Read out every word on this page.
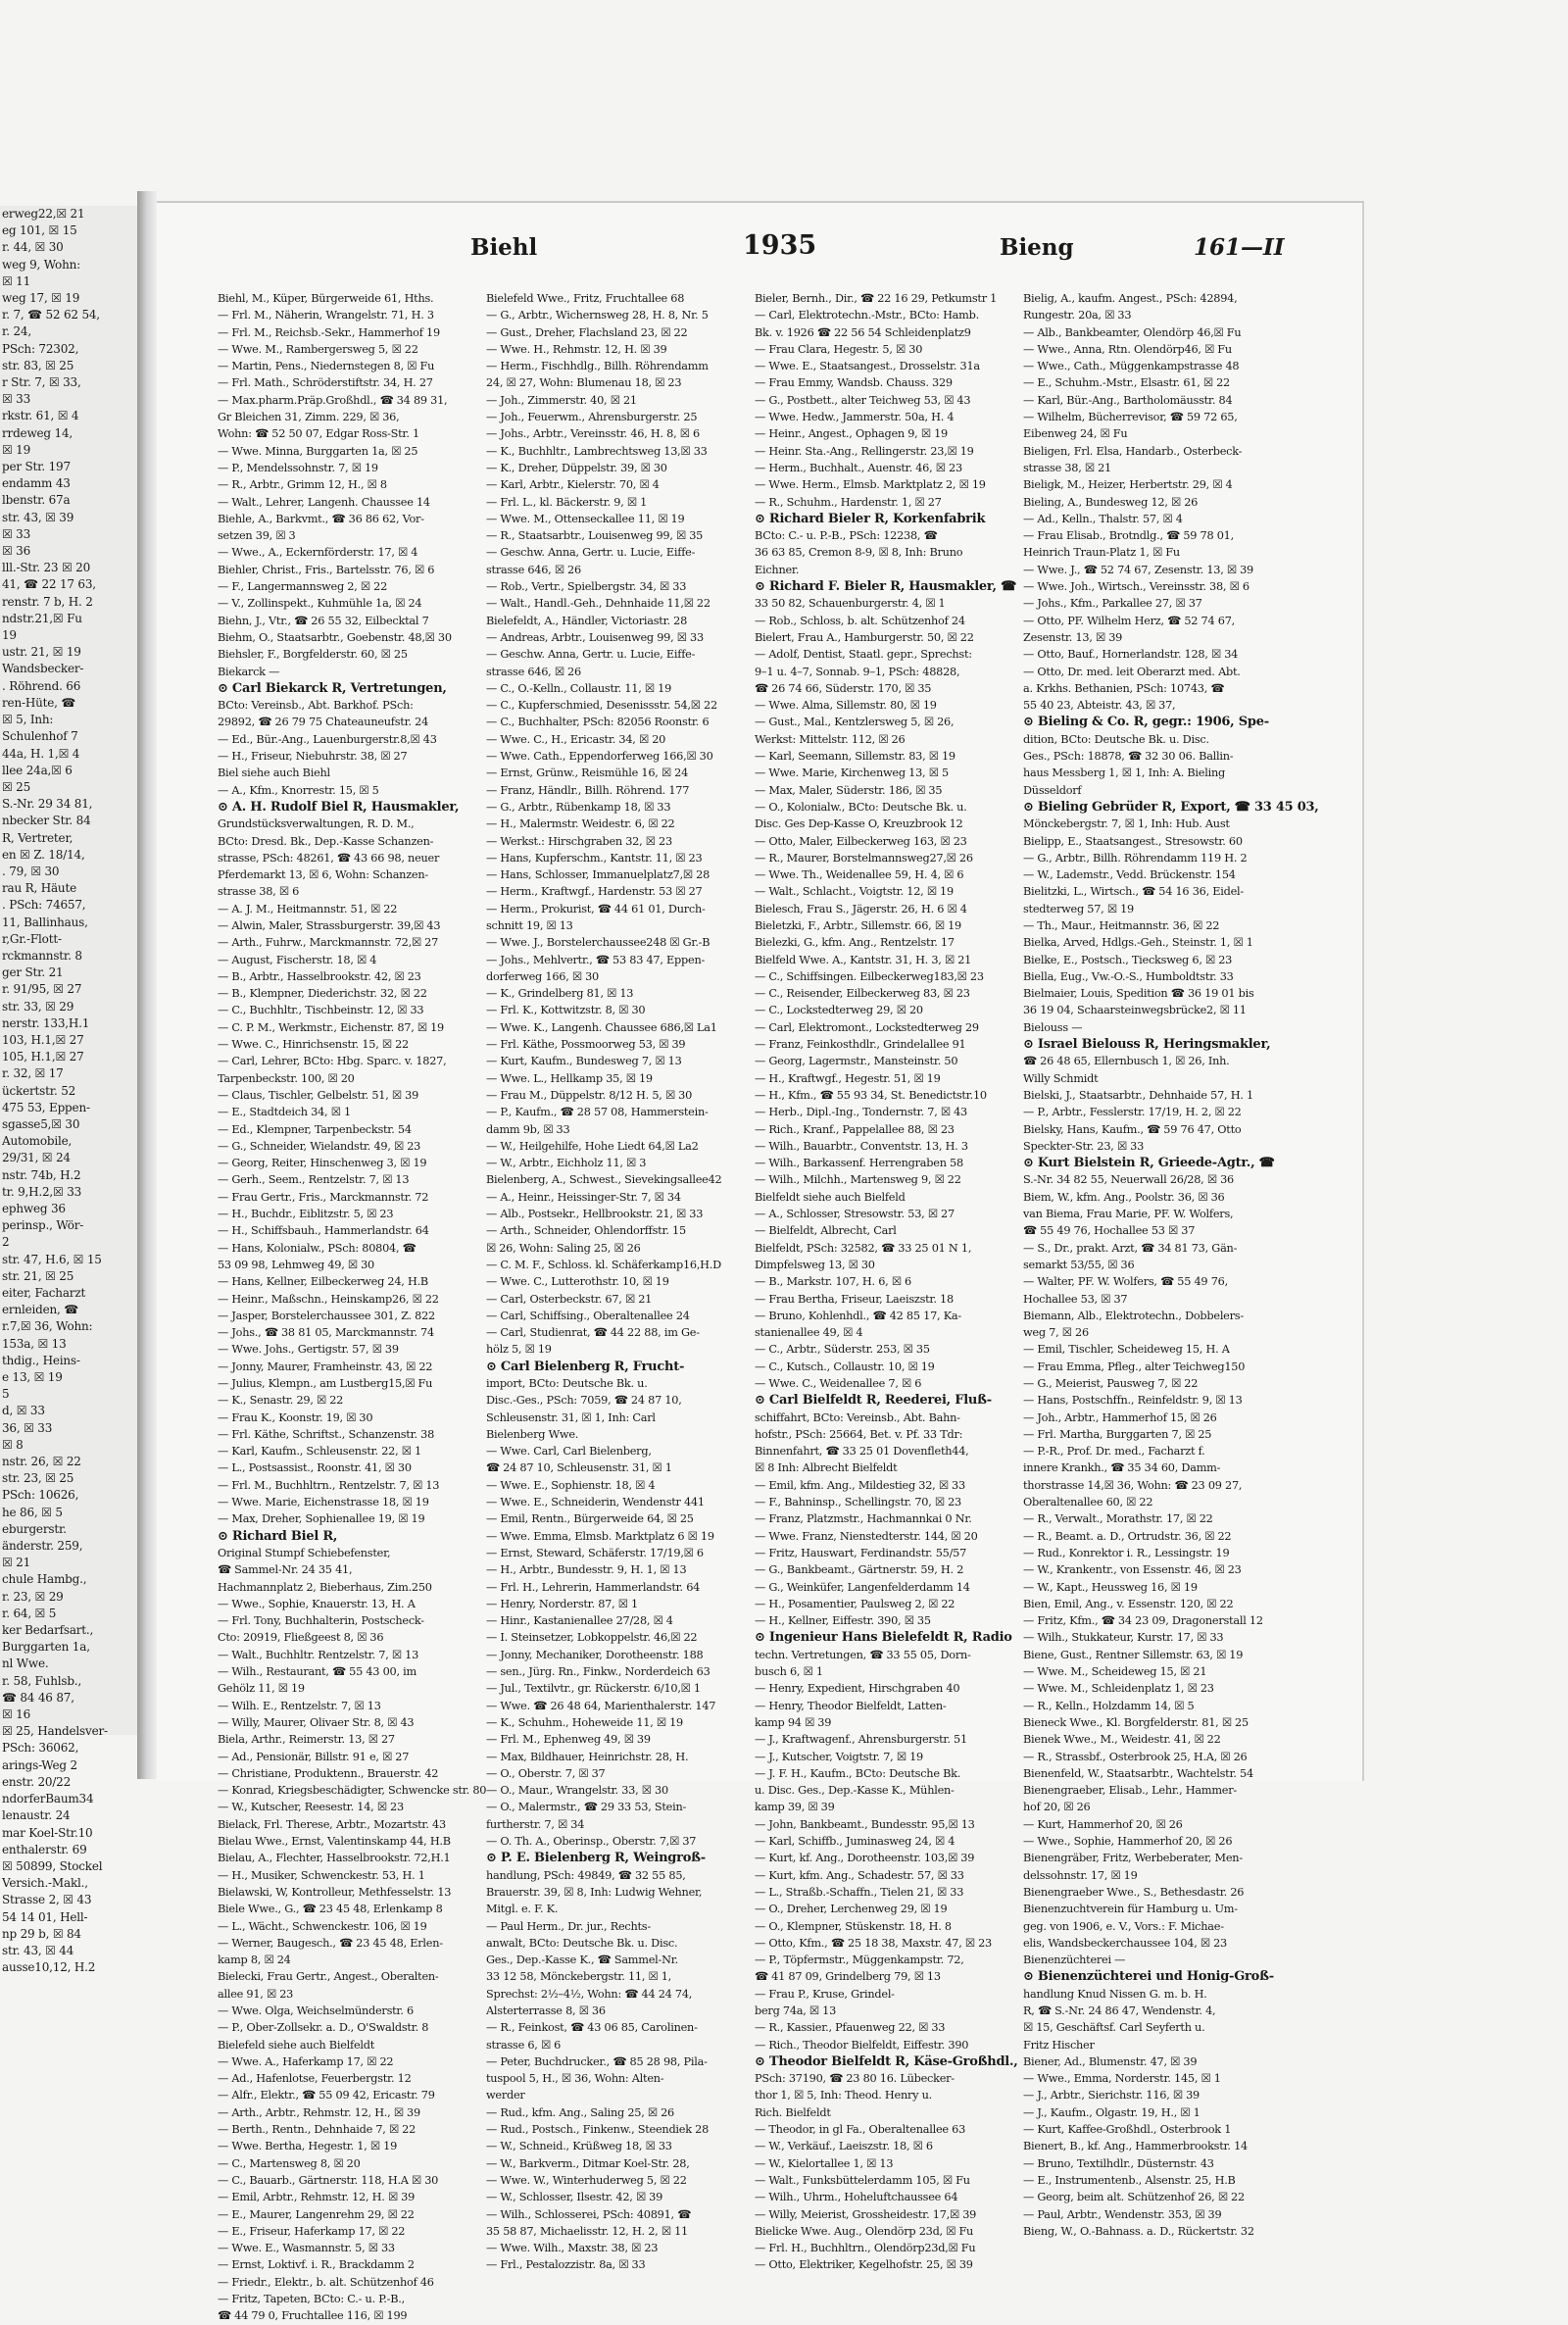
erweg22,☒ 21
eg 101, ☒ 15
r. 44, ☒ 30
weg 9, Wohn:
☒ 11
weg 17, ☒ 19
r. 7, ☎ 52 62 54,
r. 24,
PSch: 72302,
str. 83, ☒ 25
r Str. 7, ☒ 33,
☒ 33
rkstr. 61, ☒ 4
rrdeweg 14,
☒ 19
per Str. 197
endamm 43
lbenstr. 67a
str. 43, ☒ 39
☒ 33
☒ 36
lll.-Str. 23 ☒ 20
41, ☎ 22 17 63,
renstr. 7 b, H. 2
ndstr.21,☒ Fu
19
ustr. 21, ☒ 19
Wandsbecker-
. Röhrend. 66
ren-Hüte, ☎
☒ 5, Inh:
Schulenhof 7
44a, H. 1,☒ 4
llee 24a,☒ 6
☒ 25
S.-Nr. 29 34 81,
nbecker Str. 84
R, Vertreter,
en ☒ Z. 18/14,
. 79, ☒ 30
rau R, Häute
. PSch: 74657,
11, Ballinhaus,
r,Gr.-Flott-
rckmannstr. 8
ger Str. 21
r. 91/95, ☒ 27
str. 33, ☒ 29
nerstr. 133,H.1
103, H.1,☒ 27
105, H.1,☒ 27
r. 32, ☒ 17
ückertstr. 52
475 53, Eppen-
sgasse5,☒ 30
Automobile,
29/31, ☒ 24
nstr. 74b, H.2
tr. 9,H.2,☒ 33
ephweg 36
perinsp., Wör-
2
str. 47, H.6, ☒ 15
str. 21, ☒ 25
eiter, Facharzt
ernleiden, ☎
r.7,☒ 36, Wohn:
153a, ☒ 13
thdig., Heins-
e 13, ☒ 19
5
d, ☒ 33
36, ☒ 33
☒ 8
nstr. 26, ☒ 22
str. 23, ☒ 25
PSch: 10626,
he 86, ☒ 5
eburgerstr.
änderstr. 259,
☒ 21
chule Hambg.,
r. 23, ☒ 29
r. 64, ☒ 5
ker Bedarfsart.,
Burggarten 1a,
nl Wwe.
r. 58, Fuhlsb.,
☎ 84 46 87,
☒ 16
☒ 25, Handelsver-
PSch: 36062,
arings-Weg 2
enstr. 20/22
ndorferBaum34
lenaustr. 24
mar Koel-Str.10
enthalerstr. 69
☒ 50899, Stockel
Versich.-Makl.,
Strasse 2, ☒ 43
54 14 01, Hell-
np 29 b, ☒ 84
str. 43, ☒ 44
ausse10,12, H.2
Biehl	1935	Bieng	161—II
Biehl, M., Küper, Bürgerweide 61, Hths.
— Frl. M., Näherin, Wrangelstr. 71, H. 3
— Frl. M., Reichsb.-Sekr., Hammerhof 19
— Wwe. M., Rambergersweg 5, ☒ 22
— Martin, Pens., Niedernstegen 8, ☒ Fu
— Frl. Math., Schröderstiftstr. 34, H. 27
— Max.pharm.Präp.Großhdl., ☎ 34 89 31,
Gr Bleichen 31, Zimm. 229, ☒ 36,
Wohn: ☎ 52 50 07, Edgar Ross-Str. 1
— Wwe. Minna, Burggarten 1a, ☒ 25
— P., Mendelssohnstr. 7, ☒ 19
— R., Arbtr., Grimm 12, H., ☒ 8
— Walt., Lehrer, Langenh. Chaussee 14
Biehle, A., Barkvmt., ☎ 36 86 62, Vor-
setzen 39, ☒ 3
— Wwe., A., Eckernförderstr. 17, ☒ 4
Biehler, Christ., Fris., Bartelsstr. 76, ☒ 6
— F., Langermannsweg 2, ☒ 22
— V., Zollinspekt., Kuhmühle 1a, ☒ 24
Biehn, J., Vtr., ☎ 26 55 32, Eilbecktal 7
Biehm, O., Staatsarbtr., Goebenstr. 48,☒ 30
Biehsler, F., Borgfelderstr. 60, ☒ 25
Biekarck —
⊙ Carl Biekarck R, Vertretungen,
BCto: Vereinsb., Abt. Barkhof. PSch:
29892, ☎ 26 79 75 Chateauneufstr. 24
— Ed., Bür.-Ang., Lauenburgerstr.8,☒ 43
— H., Friseur, Niebuhrstr. 38, ☒ 27
Biel siehe auch Biehl
— A., Kfm., Knorrestr. 15, ☒ 5
⊙ A. H. Rudolf Biel R, Hausmakler,
Grundstücksverwaltungen, R. D. M.,
BCto: Dresd. Bk., Dep.-Kasse Schanzen-
strasse, PSch: 48261, ☎ 43 66 98, neuer
Pferdemarkt 13, ☒ 6, Wohn: Schanzen-
strasse 38, ☒ 6
— A. J. M., Heitmannstr. 51, ☒ 22
— Alwin, Maler, Strassburgerstr. 39,☒ 43
— Arth., Fuhrw., Marckmannstr. 72,☒ 27
— August, Fischerstr. 18, ☒ 4
— B., Arbtr., Hasselbrookstr. 42, ☒ 23
— B., Klempner, Diederichstr. 32, ☒ 22
— C., Buchhltr., Tischbeinstr. 12, ☒ 33
— C. P. M., Werkmstr., Eichenstr. 87, ☒ 19
— Wwe. C., Hinrichsenstr. 15, ☒ 22
— Carl, Lehrer, BCto: Hbg. Sparc. v. 1827,
Tarpenbeckstr. 100, ☒ 20
— Claus, Tischler, Gelbelstr. 51, ☒ 39
— E., Stadtdeich 34, ☒ 1
— Ed., Klempner, Tarpenbeckstr. 54
— G., Schneider, Wielandstr. 49, ☒ 23
— Georg, Reiter, Hinschenweg 3, ☒ 19
— Gerh., Seem., Rentzelstr. 7, ☒ 13
— Frau Gertr., Fris., Marckmannstr. 72
— H., Buchdr., Eiblitzstr. 5, ☒ 23
— H., Schiffsbauh., Hammerlandstr. 64
— Hans, Kolonialw., PSch: 80804, ☎
53 09 98, Lehmweg 49, ☒ 30
— Hans, Kellner, Eilbeckerweg 24, H.B
— Heinr., Maßschn., Heinskamp26, ☒ 22
— Jasper, Borstelerchaussee 301, Z. 822
— Johs., ☎ 38 81 05, Marckmannstr. 74
— Wwe. Johs., Gertigstr. 57, ☒ 39
— Jonny, Maurer, Framheinstr. 43, ☒ 22
— Julius, Klempn., am Lustberg15,☒ Fu
— K., Senastr. 29, ☒ 22
— Frau K., Koonstr. 19, ☒ 30
— Frl. Käthe, Schriftst., Schanzenstr. 38
— Karl, Kaufm., Schleusenstr. 22, ☒ 1
— L., Postsassist., Roonstr. 41, ☒ 30
— Frl. M., Buchhltrn., Rentzelstr. 7, ☒ 13
— Wwe. Marie, Eichenstrasse 18, ☒ 19
— Max, Dreher, Sophienallee 19, ☒ 19
⊙ Richard Biel R,
Original Stumpf Schiebefenster,
☎ Sammel-Nr. 24 35 41,
Hachmannplatz 2, Bieberhaus, Zim.250
— Wwe., Sophie, Knauerstr. 13, H. A
— Frl. Tony, Buchhalterin, Postscheck-
Cto: 20919, Fließgeest 8, ☒ 36
— Walt., Buchhltr. Rentzelstr. 7, ☒ 13
— Wilh., Restaurant, ☎ 55 43 00, im
Gehölz 11, ☒ 19
— Wilh. E., Rentzelstr. 7, ☒ 13
— Willy, Maurer, Olivaer Str. 8, ☒ 43
Biela, Arthr., Reimerstr. 13, ☒ 27
— Ad., Pensionär, Billstr. 91 e, ☒ 27
— Christiane, Produktenn., Brauerstr. 42
— Konrad, Kriegsbeschädigter, Schwencke str. 80
— W., Kutscher, Reesestr. 14, ☒ 23
Bielack, Frl. Therese, Arbtr., Mozartstr. 43
Bielau Wwe., Ernst, Valentinskamp 44, H.B
Bielau, A., Flechter, Hasselbrookstr. 72,H.1
— H., Musiker, Schwenckestr. 53, H. 1
Bielawski, W, Kontrolleur, Methfesselstr. 13
Biele Wwe., G., ☎ 23 45 48, Erlenkamp 8
— L., Wächt., Schwenckestr. 106, ☒ 19
— Werner, Baugesch., ☎ 23 45 48, Erlen-
kamp 8, ☒ 24
Bielecki, Frau Gertr., Angest., Oberalten-
allee 91, ☒ 23
— Wwe. Olga, Weichselmünderstr. 6
— P., Ober-Zollsekr. a. D., O'Swaldstr. 8
Bielefeld siehe auch Bielfeldt
— Wwe. A., Haferkamp 17, ☒ 22
— Ad., Hafenlotse, Feuerbergstr. 12
— Alfr., Elektr., ☎ 55 09 42, Ericastr. 79
— Arth., Arbtr., Rehmstr. 12, H., ☒ 39
— Berth., Rentn., Dehnhaide 7, ☒ 22
— Wwe. Bertha, Hegestr. 1, ☒ 19
— C., Martensweg 8, ☒ 20
— C., Bauarb., Gärtnerstr. 118, H.A ☒ 30
— Emil, Arbtr., Rehmstr. 12, H. ☒ 39
— E., Maurer, Langenrehm 29, ☒ 22
— E., Friseur, Haferkamp 17, ☒ 22
— Wwe. E., Wasmannstr. 5, ☒ 33
— Ernst, Loktivf. i. R., Brackdamm 2
— Friedr., Elektr., b. alt. Schützenhof 46
— Fritz, Tapeten, BCto: C.- u. P.-B.,
☎ 44 79 0, Fruchtallee 116, ☒ 199
Bielefeld Wwe., Fritz, Fruchtallee 68
— G., Arbtr., Wichernsweg 28, H. 8, Nr. 5
— Gust., Dreher, Flachsland 23, ☒ 22
— Wwe. H., Rehmstr. 12, H. ☒ 39
— Herm., Fischhdlg., Billh. Röhrendamm
24, ☒ 27, Wohn: Blumenau 18, ☒ 23
— Joh., Zimmerstr. 40, ☒ 21
— Joh., Feuerwm., Ahrensburgerstr. 25
— Johs., Arbtr., Vereinsstr. 46, H. 8, ☒ 6
— K., Buchhltr., Lambrechtsweg 13,☒ 33
— K., Dreher, Düppelstr. 39, ☒ 30
— Karl, Arbtr., Kielerstr. 70, ☒ 4
— Frl. L., kl. Bäckerstr. 9, ☒ 1
— Wwe. M., Ottenseckallee 11, ☒ 19
— R., Staatsarbtr., Louisenweg 99, ☒ 35
— Geschw. Anna, Gertr. u. Lucie, Eiffe-
strasse 646, ☒ 26
— Rob., Vertr., Spielbergstr. 34, ☒ 33
— Walt., Handl.-Geh., Dehnhaide 11,☒ 22
Bielefeldt, A., Händler, Victoriastr. 28
— Andreas, Arbtr., Louisenweg 99, ☒ 33
— Geschw. Anna, Gertr. u. Lucie, Eiffe-
strasse 646, ☒ 26
— C., O.-Kelln., Collaustr. 11, ☒ 19
— C., Kupferschmied, Desenissstr. 54,☒ 22
— C., Buchhalter, PSch: 82056 Roonstr. 6
— Wwe. C., H., Ericastr. 34, ☒ 20
— Wwe. Cath., Eppendorferweg 166,☒ 30
— Ernst, Grünw., Reismühle 16, ☒ 24
— Franz, Händlr., Billh. Röhrend. 177
— G., Arbtr., Rübenkamp 18, ☒ 33
— H., Malermstr. Weidestr. 6, ☒ 22
— Werkst.: Hirschgraben 32, ☒ 23
— Hans, Kupferschm., Kantstr. 11, ☒ 23
— Hans, Schlosser, Immanuelplatz7,☒ 28
— Herm., Kraftwgf., Hardenstr. 53 ☒ 27
— Herm., Prokurist, ☎ 44 61 01, Durch-
schnitt 19, ☒ 13
— Wwe. J., Borstelerchaussee248 ☒ Gr.-B
— Johs., Mehlvertr., ☎ 53 83 47, Eppen-
dorferweg 166, ☒ 30
— K., Grindelberg 81, ☒ 13
— Frl. K., Kottwitzstr. 8, ☒ 30
— Wwe. K., Langenh. Chaussee 686,☒ La1
— Frl. Käthe, Possmoorweg 53, ☒ 39
— Kurt, Kaufm., Bundesweg 7, ☒ 13
— Wwe. L., Hellkamp 35, ☒ 19
— Frau M., Düppelstr. 8/12 H. 5, ☒ 30
— P., Kaufm., ☎ 28 57 08, Hammerstein-
damm 9b, ☒ 33
— W., Heilgehilfe, Hohe Liedt 64,☒ La2
— W., Arbtr., Eichholz 11, ☒ 3
Bielenberg, A., Schwest., Sievekingsallee42
— A., Heinr., Heissinger-Str. 7, ☒ 34
— Alb., Postsekr., Hellbrookstr. 21, ☒ 33
— Arth., Schneider, Ohlendorffstr. 15
☒ 26, Wohn: Saling 25, ☒ 26
— C. M. F., Schloss. kl. Schäferkamp16,H.D
— Wwe. C., Lutterothstr. 10, ☒ 19
— Carl, Osterbeckstr. 67, ☒ 21
— Carl, Schiffsing., Oberaltenallee 24
— Carl, Studienrat, ☎ 44 22 88, im Ge-
hölz 5, ☒ 19
⊙ Carl Bielenberg R, Frucht-
import, BCto: Deutsche Bk. u.
Disc.-Ges., PSch: 7059, ☎ 24 87 10,
Schleusenstr. 31, ☒ 1, Inh: Carl
Bielenberg Wwe.
— Wwe. Carl, Carl Bielenberg,
☎ 24 87 10, Schleusenstr. 31, ☒ 1
— Wwe. E., Sophienstr. 18, ☒ 4
— Wwe. E., Schneiderin, Wendenstr 441
— Emil, Rentn., Bürgerweide 64, ☒ 25
— Wwe. Emma, Elmsb. Marktplatz 6 ☒ 19
— Ernst, Steward, Schäferstr. 17/19,☒ 6
— H., Arbtr., Bundesstr. 9, H. 1, ☒ 13
— Frl. H., Lehrerin, Hammerlandstr. 64
— Henry, Norderstr. 87, ☒ 1
— Hinr., Kastanienallee 27/28, ☒ 4
— I. Steinsetzer, Lobkoppelstr. 46,☒ 22
— Jonny, Mechaniker, Dorotheenstr. 188
— sen., Jürg. Rn., Finkw., Norderdeich 63
— Jul., Textilvtr., gr. Rückerstr. 6/10,☒ 1
— Wwe. ☎ 26 48 64, Marienthalerstr. 147
— K., Schuhm., Hoheweide 11, ☒ 19
— Frl. M., Ephenweg 49, ☒ 39
— Max, Bildhauer, Heinrichstr. 28, H.
— O., Oberstr. 7, ☒ 37
— O., Maur., Wrangelstr. 33, ☒ 30
— O., Malermstr., ☎ 29 33 53, Stein-
furtherstr. 7, ☒ 34
— O. Th. A., Oberinsp., Oberstr. 7,☒ 37
⊙ P. E. Bielenberg R, Weingroß-
handlung, PSch: 49849, ☎ 32 55 85,
Brauerstr. 39, ☒ 8, Inh: Ludwig Wehner,
Mitgl. e. F. K.
— Paul Herm., Dr. jur., Rechts-
anwalt, BCto: Deutsche Bk. u. Disc.
Ges., Dep.-Kasse K., ☎ Sammel-Nr.
33 12 58, Mönckebergstr. 11, ☒ 1,
Sprechst: 2½–4½, Wohn: ☎ 44 24 74,
Alsterterrasse 8, ☒ 36
— R., Feinkost, ☎ 43 06 85, Carolinen-
strasse 6, ☒ 6
— Peter, Buchdrucker., ☎ 85 28 98, Pila-
tuspool 5, H., ☒ 36, Wohn: Alten-
werder
— Rud., kfm. Ang., Saling 25, ☒ 26
— Rud., Postsch., Finkenw., Steendiek 28
— W., Schneid., Krüßweg 18, ☒ 33
— W., Barkverm., Ditmar Koel-Str. 28,
— Wwe. W., Winterhuderweg 5, ☒ 22
— W., Schlosser, Ilsestr. 42, ☒ 39
— Wilh., Schlosserei, PSch: 40891, ☎
35 58 87, Michaelisstr. 12, H. 2, ☒ 11
— Wwe. Wilh., Maxstr. 38, ☒ 23
— Frl., Pestalozzistr. 8a, ☒ 33
Bieler, Bernh., Dir., ☎ 22 16 29, Petkumstr 1
— Carl, Elektrotechn.-Mstr., BCto: Hamb.
Bk. v. 1926 ☎ 22 56 54 Schleidenplatz9
— Frau Clara, Hegestr. 5, ☒ 30
— Wwe. E., Staatsangest., Drosselstr. 31a
— Frau Emmy, Wandsb. Chauss. 329
— G., Postbett., alter Teichweg 53, ☒ 43
— Wwe. Hedw., Jammerstr. 50a, H. 4
— Heinr., Angest., Ophagen 9, ☒ 19
— Heinr. Sta.-Ang., Rellingerstr. 23,☒ 19
— Herm., Buchhalt., Auenstr. 46, ☒ 23
— Wwe. Herm., Elmsb. Marktplatz 2, ☒ 19
— R., Schuhm., Hardenstr. 1, ☒ 27
⊙ Richard Bieler R, Korkenfabrik
BCto: C.- u. P.-B., PSch: 12238, ☎
36 63 85, Cremon 8-9, ☒ 8, Inh: Bruno
Eichner.
⊙ Richard F. Bieler R, Hausmakler, ☎
33 50 82, Schauenburgerstr. 4, ☒ 1
— Rob., Schloss, b. alt. Schützenhof 24
Bielert, Frau A., Hamburgerstr. 50, ☒ 22
— Adolf, Dentist, Staatl. gepr., Sprechst:
9–1 u. 4–7, Sonnab. 9–1, PSch: 48828,
☎ 26 74 66, Süderstr. 170, ☒ 35
— Wwe. Alma, Sillemstr. 80, ☒ 19
— Gust., Mal., Kentzlersweg 5, ☒ 26,
Werkst: Mittelstr. 112, ☒ 26
— Karl, Seemann, Sillemstr. 83, ☒ 19
— Wwe. Marie, Kirchenweg 13, ☒ 5
— Max, Maler, Süderstr. 186, ☒ 35
— O., Kolonialw., BCto: Deutsche Bk. u.
Disc. Ges Dep-Kasse O, Kreuzbrook 12
— Otto, Maler, Eilbeckerweg 163, ☒ 23
— R., Maurer, Borstelmannsweg27,☒ 26
— Wwe. Th., Weidenallee 59, H. 4, ☒ 6
— Walt., Schlacht., Voigtstr. 12, ☒ 19
Bielesch, Frau S., Jägerstr. 26, H. 6 ☒ 4
Bieletzki, F., Arbtr., Sillemstr. 66, ☒ 19
Bielezki, G., kfm. Ang., Rentzelstr. 17
Bielfeld Wwe. A., Kantstr. 31, H. 3, ☒ 21
— C., Schiffsingen. Eilbeckerweg183,☒ 23
— C., Reisender, Eilbeckerweg 83, ☒ 23
— C., Lockstedterweg 29, ☒ 20
— Carl, Elektromont., Lockstedterweg 29
— Franz, Feinkosthdlr., Grindelallee 91
— Georg, Lagermstr., Mansteinstr. 50
— H., Kraftwgf., Hegestr. 51, ☒ 19
— H., Kfm., ☎ 55 93 34, St. Benedictstr.10
— Herb., Dipl.-Ing., Tondernstr. 7, ☒ 43
— Rich., Kranf., Pappelallee 88, ☒ 23
— Wilh., Bauarbtr., Conventstr. 13, H. 3
— Wilh., Barkassenf. Herrengraben 58
— Wilh., Milchh., Martensweg 9, ☒ 22
Bielfeldt siehe auch Bielfeld
— A., Schlosser, Stresowstr. 53, ☒ 27
— Bielfeldt, Albrecht, Carl
Bielfeldt, PSch: 32582, ☎ 33 25 01 N 1,
Dimpfelsweg 13, ☒ 30
— B., Markstr. 107, H. 6, ☒ 6
— Frau Bertha, Friseur, Laeiszstr. 18
— Bruno, Kohlenhdl., ☎ 42 85 17, Ka-
stanienallee 49, ☒ 4
— C., Arbtr., Süderstr. 253, ☒ 35
— C., Kutsch., Collaustr. 10, ☒ 19
— Wwe. C., Weidenallee 7, ☒ 6
⊙ Carl Bielfeldt R, Reederei, Fluß-
schiffahrt, BCto: Vereinsb., Abt. Bahn-
hofstr., PSch: 25664, Bet. v. Pf. 33 Tdr:
Binnenfahrt, ☎ 33 25 01 Dovenfleth44,
☒ 8 Inh: Albrecht Bielfeldt
— Emil, kfm. Ang., Mildestieg 32, ☒ 33
— F., Bahninsp., Schellingstr. 70, ☒ 23
— Franz, Platzmstr., Hachmannkai 0 Nr.
— Wwe. Franz, Nienstedterstr. 144, ☒ 20
— Fritz, Hauswart, Ferdinandstr. 55/57
— G., Bankbeamt., Gärtnerstr. 59, H. 2
— G., Weinküfer, Langenfelderdamm 14
— H., Posamentier, Paulsweg 2, ☒ 22
— H., Kellner, Eiffestr. 390, ☒ 35
⊙ Ingenieur Hans Bielefeldt R, Radio
techn. Vertretungen, ☎ 33 55 05, Dorn-
busch 6, ☒ 1
— Henry, Expedient, Hirschgraben 40
— Henry, Theodor Bielfeldt, Latten-
kamp 94 ☒ 39
— J., Kraftwagenf., Ahrensburgerstr. 51
— J., Kutscher, Voigtstr. 7, ☒ 19
— J. F. H., Kaufm., BCto: Deutsche Bk.
u. Disc. Ges., Dep.-Kasse K., Mühlen-
kamp 39, ☒ 39
— John, Bankbeamt., Bundesstr. 95,☒ 13
— Karl, Schiffb., Juminasweg 24, ☒ 4
— Kurt, kf. Ang., Dorotheenstr. 103,☒ 39
— Kurt, kfm. Ang., Schadestr. 57, ☒ 33
— L., Straßb.-Schaffn., Tielen 21, ☒ 33
— O., Dreher, Lerchenweg 29, ☒ 19
— O., Klempner, Stüskenstr. 18, H. 8
— Otto, Kfm., ☎ 25 18 38, Maxstr. 47, ☒ 23
— P., Töpfermstr., Müggenkampstr. 72,
☎ 41 87 09, Grindelberg 79, ☒ 13
— Frau P., Kruse, Grindel-
berg 74a, ☒ 13
— R., Kassier., Pfauenweg 22, ☒ 33
— Rich., Theodor Bielfeldt, Eiffestr. 390
⊙ Theodor Bielfeldt R, Käse-Großhdl.,
PSch: 37190, ☎ 23 80 16. Lübecker-
thor 1, ☒ 5, Inh: Theod. Henry u.
Rich. Bielfeldt
— Theodor, in gl Fa., Oberaltenallee 63
— W., Verkäuf., Laeiszstr. 18, ☒ 6
— W., Kielortallee 1, ☒ 13
— Walt., Funksbüttelerdamm 105, ☒ Fu
— Wilh., Uhrm., Hoheluftchaussee 64
— Willy, Meierist, Grossheidestr. 17,☒ 39
Bielicke Wwe. Aug., Olendörp 23d, ☒ Fu
— Frl. H., Buchhltrn., Olendörp23d,☒ Fu
— Otto, Elektriker, Kegelhofstr. 25, ☒ 39
Bielig, A., kaufm. Angest., PSch: 42894,
Rungestr. 20a, ☒ 33
— Alb., Bankbeamter, Olendörp 46,☒ Fu
— Wwe., Anna, Rtn. Olendörp46, ☒ Fu
— Wwe., Cath., Müggenkampstrasse 48
— E., Schuhm.-Mstr., Elsastr. 61, ☒ 22
— Karl, Bür.-Ang., Bartholomäusstr. 84
— Wilhelm, Bücherrevisor, ☎ 59 72 65,
Eibenweg 24, ☒ Fu
Bieligen, Frl. Elsa, Handarb., Osterbeck-
strasse 38, ☒ 21
Bieligk, M., Heizer, Herbertstr. 29, ☒ 4
Bieling, A., Bundesweg 12, ☒ 26
— Ad., Kelln., Thalstr. 57, ☒ 4
— Frau Elisab., Brotndlg., ☎ 59 78 01,
Heinrich Traun-Platz 1, ☒ Fu
— Wwe. J., ☎ 52 74 67, Zesenstr. 13, ☒ 39
— Wwe. Joh., Wirtsch., Vereinsstr. 38, ☒ 6
— Johs., Kfm., Parkallee 27, ☒ 37
— Otto, PF. Wilhelm Herz, ☎ 52 74 67,
Zesenstr. 13, ☒ 39
— Otto, Bauf., Hornerlandstr. 128, ☒ 34
— Otto, Dr. med. leit Oberarzt med. Abt.
a. Krkhs. Bethanien, PSch: 10743, ☎
55 40 23, Abteistr. 43, ☒ 37,
⊙ Bieling & Co. R, gegr.: 1906, Spe-
dition, BCto: Deutsche Bk. u. Disc.
Ges., PSch: 18878, ☎ 32 30 06. Ballin-
haus Messberg 1, ☒ 1, Inh: A. Bieling
Düsseldorf
⊙ Bieling Gebrüder R, Export, ☎ 33 45 03,
Mönckebergstr. 7, ☒ 1, Inh: Hub. Aust
Bielipp, E., Staatsangest., Stresowstr. 60
— G., Arbtr., Billh. Röhrendamm 119 H. 2
— W., Lademstr., Vedd. Brückenstr. 154
Bielitzki, L., Wirtsch., ☎ 54 16 36, Eidel-
stedterweg 57, ☒ 19
— Th., Maur., Heitmannstr. 36, ☒ 22
Bielka, Arved, Hdlgs.-Geh., Steinstr. 1, ☒ 1
Bielke, E., Postsch., Tiecksweg 6, ☒ 23
Biella, Eug., Vw.-O.-S., Humboldtstr. 33
Bielmaier, Louis, Spedition ☎ 36 19 01 bis
36 19 04, Schaarsteinwegsbrücke2, ☒ 11
Bielouss —
⊙ Israel Bielouss R, Heringsmakler,
☎ 26 48 65, Ellernbusch 1, ☒ 26, Inh.
Willy Schmidt
Bielski, J., Staatsarbtr., Dehnhaide 57, H. 1
— P., Arbtr., Fesslerstr. 17/19, H. 2, ☒ 22
Bielsky, Hans, Kaufm., ☎ 59 76 47, Otto
Speckter-Str. 23, ☒ 33
⊙ Kurt Bielstein R, Grieede-Agtr., ☎
S.-Nr. 34 82 55, Neuerwall 26/28, ☒ 36
Biem, W., kfm. Ang., Poolstr. 36, ☒ 36
van Biema, Frau Marie, PF. W. Wolfers,
☎ 55 49 76, Hochallee 53 ☒ 37
— S., Dr., prakt. Arzt, ☎ 34 81 73, Gän-
semarkt 53/55, ☒ 36
— Walter, PF. W. Wolfers, ☎ 55 49 76,
Hochallee 53, ☒ 37
Biemann, Alb., Elektrotechn., Dobbelers-
weg 7, ☒ 26
— Emil, Tischler, Scheideweg 15, H. A
— Frau Emma, Pfleg., alter Teichweg150
— G., Meierist, Pausweg 7, ☒ 22
— Hans, Postschffn., Reinfeldstr. 9, ☒ 13
— Joh., Arbtr., Hammerhof 15, ☒ 26
— Frl. Martha, Burggarten 7, ☒ 25
— P.-R., Prof. Dr. med., Facharzt f.
innere Krankh., ☎ 35 34 60, Damm-
thorstrasse 14,☒ 36, Wohn: ☎ 23 09 27,
Oberaltenallee 60, ☒ 22
— R., Verwalt., Morathstr. 17, ☒ 22
— R., Beamt. a. D., Ortrudstr. 36, ☒ 22
— Rud., Konrektor i. R., Lessingstr. 19
— W., Krankentr., von Essenstr. 46, ☒ 23
— W., Kapt., Heussweg 16, ☒ 19
Bien, Emil, Ang., v. Essenstr. 120, ☒ 22
— Fritz, Kfm., ☎ 34 23 09, Dragonerstall 12
— Wilh., Stukkateur, Kurstr. 17, ☒ 33
Biene, Gust., Rentner Sillemstr. 63, ☒ 19
— Wwe. M., Scheideweg 15, ☒ 21
— Wwe. M., Schleidenplatz 1, ☒ 23
— R., Kelln., Holzdamm 14, ☒ 5
Bieneck Wwe., Kl. Borgfelderstr. 81, ☒ 25
Bienek Wwe., M., Weidestr. 41, ☒ 22
— R., Strassbf., Osterbrook 25, H.A, ☒ 26
Bienenfeld, W., Staatsarbtr., Wachtelstr. 54
Bienengraeber, Elisab., Lehr., Hammer-
hof 20, ☒ 26
— Kurt, Hammerhof 20, ☒ 26
— Wwe., Sophie, Hammerhof 20, ☒ 26
Bienengräber, Fritz, Werbeberater, Men-
delssohnstr. 17, ☒ 19
Bienengraeber Wwe., S., Bethesdastr. 26
Bienenzuchtverein für Hamburg u. Um-
geg. von 1906, e. V., Vors.: F. Michae-
elis, Wandsbeckerchaussee 104, ☒ 23
Bienenzüchterei —
⊙ Bienenzüchterei und Honig-Groß-
handlung Knud Nissen G. m. b. H.
R, ☎ S.-Nr. 24 86 47, Wendenstr. 4,
☒ 15, Geschäftsf. Carl Seyferth u.
Fritz Hischer
Biener, Ad., Blumenstr. 47, ☒ 39
— Wwe., Emma, Norderstr. 145, ☒ 1
— J., Arbtr., Sierichstr. 116, ☒ 39
— J., Kaufm., Olgastr. 19, H., ☒ 1
— Kurt, Kaffee-Großhdl., Osterbrook 1
Bienert, B., kf. Ang., Hammerbrookstr. 14
— Bruno, Textilhdlr., Düsternstr. 43
— E., Instrumentenb., Alsenstr. 25, H.B
— Georg, beim alt. Schützenhof 26, ☒ 22
— Paul, Arbtr., Wendenstr. 353, ☒ 39
Bieng, W., O.-Bahnass. a. D., Rückertstr. 32
